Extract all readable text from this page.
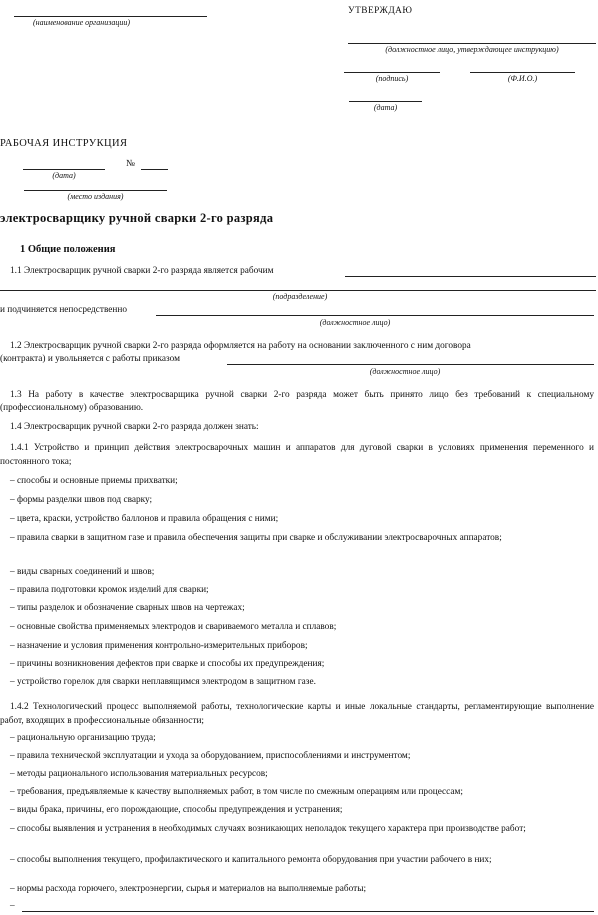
(наименование организации)
УТВЕРЖДАЮ
(должностное лицо, утверждающее инструкцию)
(подпись)	(Ф.И.О.)
(дата)
РАБОЧАЯ ИНСТРУКЦИЯ
№
(дата)
(место издания)
электросварщику ручной сварки 2-го разряда
1 Общие положения
1.1 Электросварщик ручной сварки 2-го разряда является рабочим
(подразделение)
и подчиняется непосредственно
(должностное лицо)
1.2 Электросварщик ручной сварки 2-го разряда оформляется на работу на основании заключенного с ним договора
(контракта) и увольняется с работы приказом
(должностное лицо)
1.3 На работу в качестве электросварщика ручной сварки 2-го разряда может быть принято лицо без требований к специальному (профессиональному) образованию.
1.4 Электросварщик ручной сварки 2-го разряда должен знать:
1.4.1 Устройство и принцип действия электросварочных машин и аппаратов для дуговой сварки в условиях применения переменного и постоянного тока;
– способы и основные приемы прихватки;
– формы разделки швов под сварку;
– цвета, краски, устройство баллонов и правила обращения с ними;
– правила сварки в защитном газе и правила обеспечения защиты при сварке и обслуживании электросварочных аппаратов;
– виды сварных соединений и швов;
– правила подготовки кромок изделий для сварки;
– типы разделок и обозначение сварных швов на чертежах;
– основные свойства применяемых электродов и свариваемого металла и сплавов;
– назначение и условия применения контрольно-измерительных приборов;
– причины возникновения дефектов при сварке и способы их предупреждения;
– устройство горелок для сварки неплавящимся электродом в защитном газе.
1.4.2 Технологический процесс выполняемой работы, технологические карты и иные локальные стандарты, регламентирующие выполнение работ, входящих в профессиональные обязанности;
– рациональную организацию труда;
– правила технической эксплуатации и ухода за оборудованием, приспособлениями и инструментом;
– методы рационального использования материальных ресурсов;
– требования, предъявляемые к качеству выполняемых работ, в том числе по смежным операциям или процессам;
– виды брака, причины, его порождающие, способы предупреждения и устранения;
– способы выявления и устранения в необходимых случаях возникающих неполадок текущего характера при производстве работ;
– способы выполнения текущего, профилактического и капитального ремонта оборудования при участии рабочего в них;
– нормы расхода горючего, электроэнергии, сырья и материалов на выполняемые работы;
–
